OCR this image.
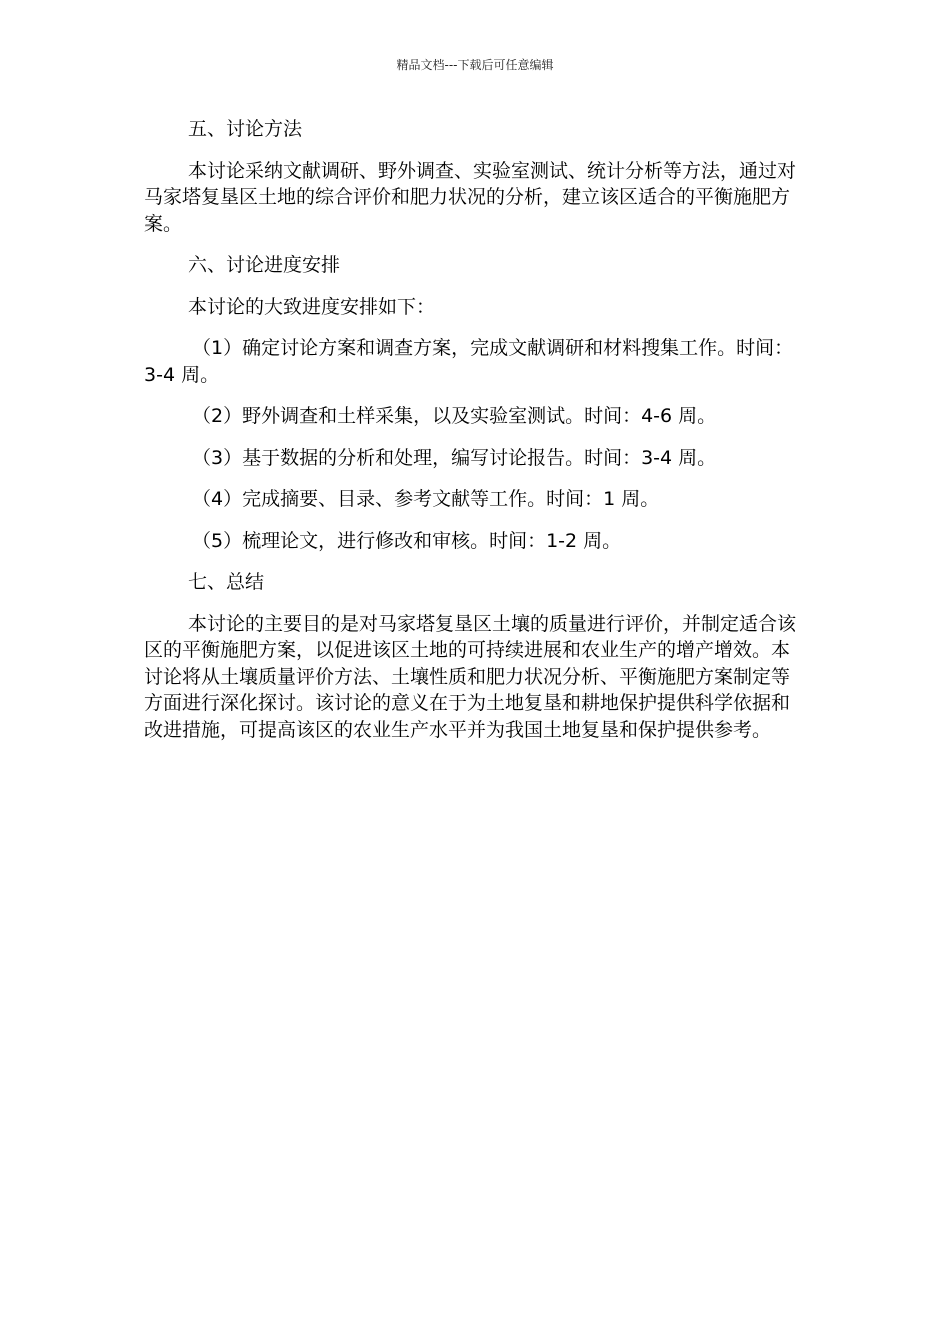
精品文档---下载后可任意编辑

五、讨论方法

本讨论采纳文献调研、野外调查、实验室测试、统计分析等方法，通过对马家塔复垦区土地的综合评价和肥力状况的分析，建立该区适合的平衡施肥方案。

六、讨论进度安排

本讨论的大致进度安排如下：

（1）确定讨论方案和调查方案，完成文献调研和材料搜集工作。时间：3-4 周。

（2）野外调查和土样采集，以及实验室测试。时间：4-6 周。

（3）基于数据的分析和处理，编写讨论报告。时间：3-4 周。

（4）完成摘要、目录、参考文献等工作。时间：1 周。

（5）梳理论文，进行修改和审核。时间：1-2 周。

七、总结

本讨论的主要目的是对马家塔复垦区土壤的质量进行评价，并制定适合该区的平衡施肥方案，以促进该区土地的可持续进展和农业生产的增产增效。本讨论将从土壤质量评价方法、土壤性质和肥力状况分析、平衡施肥方案制定等方面进行深化探讨。该讨论的意义在于为土地复垦和耕地保护提供科学依据和改进措施，可提高该区的农业生产水平并为我国土地复垦和保护提供参考。
